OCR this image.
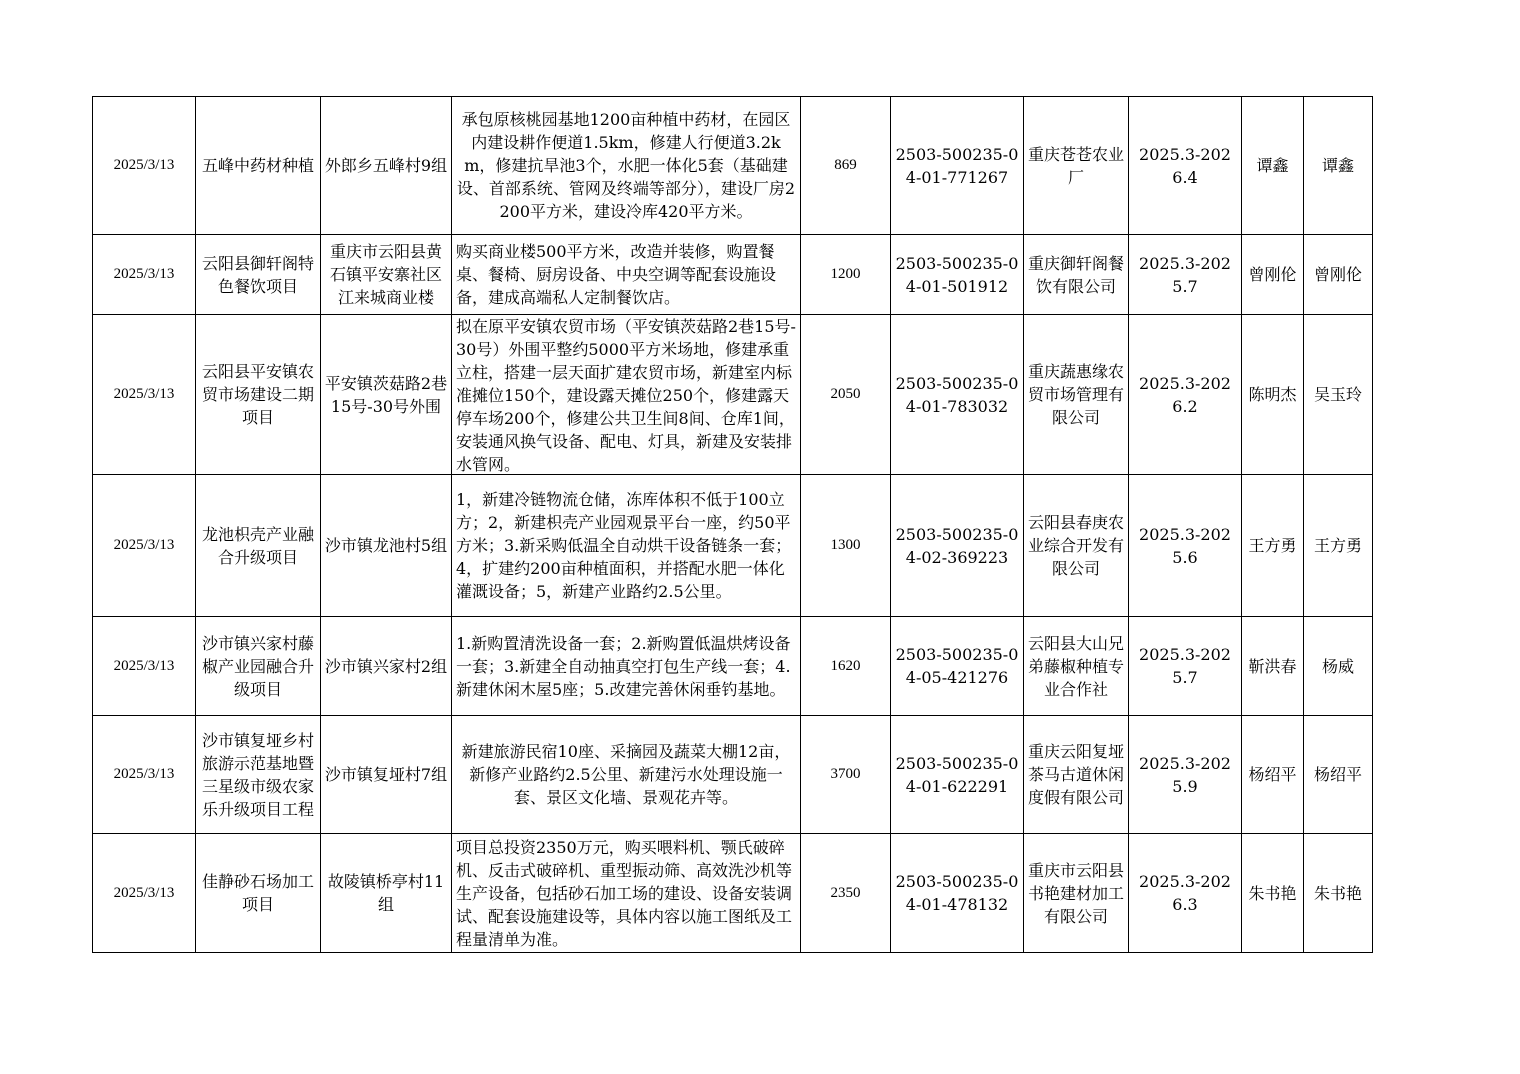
2025/3/13	五峰中药材种植	外郎乡五峰村9组	承包原核桃园基地1200亩种植中药材，在园区内建设耕作便道1.5km，修建人行便道3.2km，修建抗旱池3个，水肥一体化5套（基础建设、首部系统、管网及终端等部分），建设厂房2200平方米，建设冷库420平方米。	869	2503-500235-04-01-771267	重庆苍苍农业厂	2025.3-2026.4	谭鑫	谭鑫
2025/3/13	云阳县御轩阁特色餐饮项目	重庆市云阳县黄石镇平安寨社区江来城商业楼	购买商业楼500平方米，改造并装修，购置餐桌、餐椅、厨房设备、中央空调等配套设施设备，建成高端私人定制餐饮店。	1200	2503-500235-04-01-501912	重庆御轩阁餐饮有限公司	2025.3-2025.7	曾刚伦	曾刚伦
2025/3/13	云阳县平安镇农贸市场建设二期项目	平安镇茨菇路2巷15号-30号外围	拟在原平安镇农贸市场（平安镇茨菇路2巷15号-30号）外围平整约5000平方米场地，修建承重立柱，搭建一层天面扩建农贸市场，新建室内标准摊位150个，建设露天摊位250个，修建露天停车场200个，修建公共卫生间8间、仓库1间，安装通风换气设备、配电、灯具，新建及安装排水管网。	2050	2503-500235-04-01-783032	重庆蔬惠缘农贸市场管理有限公司	2025.3-2026.2	陈明杰	吴玉玲
2025/3/13	龙池枳壳产业融合升级项目	沙市镇龙池村5组	1，新建冷链物流仓储，冻库体积不低于100立方；2，新建枳壳产业园观景平台一座，约50平方米；3.新采购低温全自动烘干设备链条一套；4，扩建约200亩种植面积，并搭配水肥一体化灌溉设备；5，新建产业路约2.5公里。	1300	2503-500235-04-02-369223	云阳县春庚农业综合开发有限公司	2025.3-2025.6	王方勇	王方勇
2025/3/13	沙市镇兴家村藤椒产业园融合升级项目	沙市镇兴家村2组	1.新购置清洗设备一套；2.新购置低温烘烤设备一套；3.新建全自动抽真空打包生产线一套；4.新建休闲木屋5座；5.改建完善休闲垂钓基地。	1620	2503-500235-04-05-421276	云阳县大山兄弟藤椒种植专业合作社	2025.3-2025.7	靳洪春	杨威
2025/3/13	沙市镇复垭乡村旅游示范基地暨三星级市级农家乐升级项目工程	沙市镇复垭村7组	新建旅游民宿10座、采摘园及蔬菜大棚12亩，新修产业路约2.5公里、新建污水处理设施一套、景区文化墙、景观花卉等。	3700	2503-500235-04-01-622291	重庆云阳复垭茶马古道休闲度假有限公司	2025.3-2025.9	杨绍平	杨绍平
2025/3/13	佳静砂石场加工项目	故陵镇桥亭村11组	项目总投资2350万元，购买喂料机、颚氏破碎机、反击式破碎机、重型振动筛、高效洗沙机等生产设备，包括砂石加工场的建设、设备安装调试、配套设施建设等，具体内容以施工图纸及工程量清单为准。	2350	2503-500235-04-01-478132	重庆市云阳县书艳建材加工有限公司	2025.3-2026.3	朱书艳	朱书艳
